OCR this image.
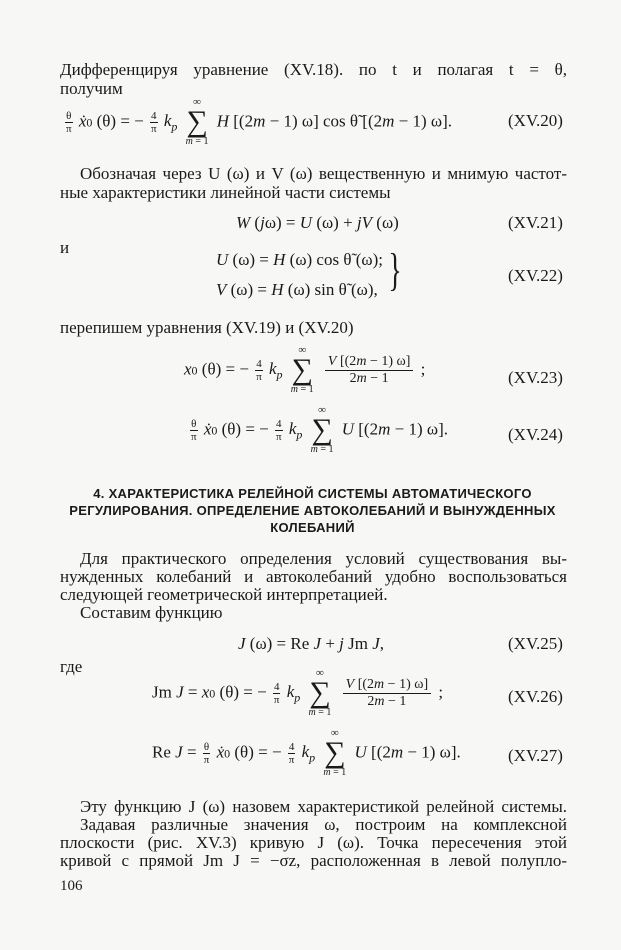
Дифференцируя уравнение (XV.18). по t и полагая t = θ,
получим
$\frac{\theta}{\pi}$ ẋ0 (θ) = − $\frac{4}{\pi} k_p$
∞
∑
m = 1
H [(2m − 1) ω] cos θ̃ [(2m − 1) ω].	(XV.20)
Обозначая через U (ω) и V (ω) вещественную и мнимую частот-
ные характеристики линейной части системы
W (jω) = U (ω) + jV (ω)	(XV.21)
и
U (ω) = H (ω) cos θ̃ (ω);
V (ω) = H (ω) sin θ̃ (ω), }	(XV.22)
перепишем уравнения (XV.19) и (XV.20)
x0 (θ) = − $\frac{4}{\pi} k_p$
∞
∑
m = 1

$\frac{V [(2m - 1) \omega]}{2m - 1}$ ;	(XV.23)
$\frac{\theta}{\pi}$ ẋ0 (θ) = − $\frac{4}{\pi} k_p$
∞
∑
m = 1
U [(2m − 1) ω].	(XV.24)
4. ХАРАКТЕРИСТИКА РЕЛЕЙНОЙ СИСТЕМЫ АВТОМАТИЧЕСКОГО
РЕГУЛИРОВАНИЯ. ОПРЕДЕЛЕНИЕ АВТОКОЛЕБАНИЙ И ВЫНУЖДЕННЫХ
КОЛЕБАНИЙ
Для практического определения условий существования вы-
нужденных колебаний и автоколебаний удобно воспользоваться
следующей геометрической интерпретацией.
Составим функцию
J (ω) = Re J + j Jm J,	(XV.25)
где
Jm J = x0 (θ) = − $\frac{4}{\pi} k_p$
∞
∑
m = 1

$\frac{V [(2m - 1) \omega]}{2m - 1}$ ;	(XV.26)
Re $J = \frac{\theta}{\pi}$ ẋ0 (θ) = − $\frac{4}{\pi} k_p$
∞
∑
m = 1
U [(2m − 1) ω].	(XV.27)
Эту функцию J (ω) назовем характеристикой релейной системы.
Задавая различные значения ω, построим на комплексной
плоскости (рис. XV.3) кривую J (ω). Точка пересечения этой
кривой с прямой Jm J = −σz, расположенная в левой полупло-
106
